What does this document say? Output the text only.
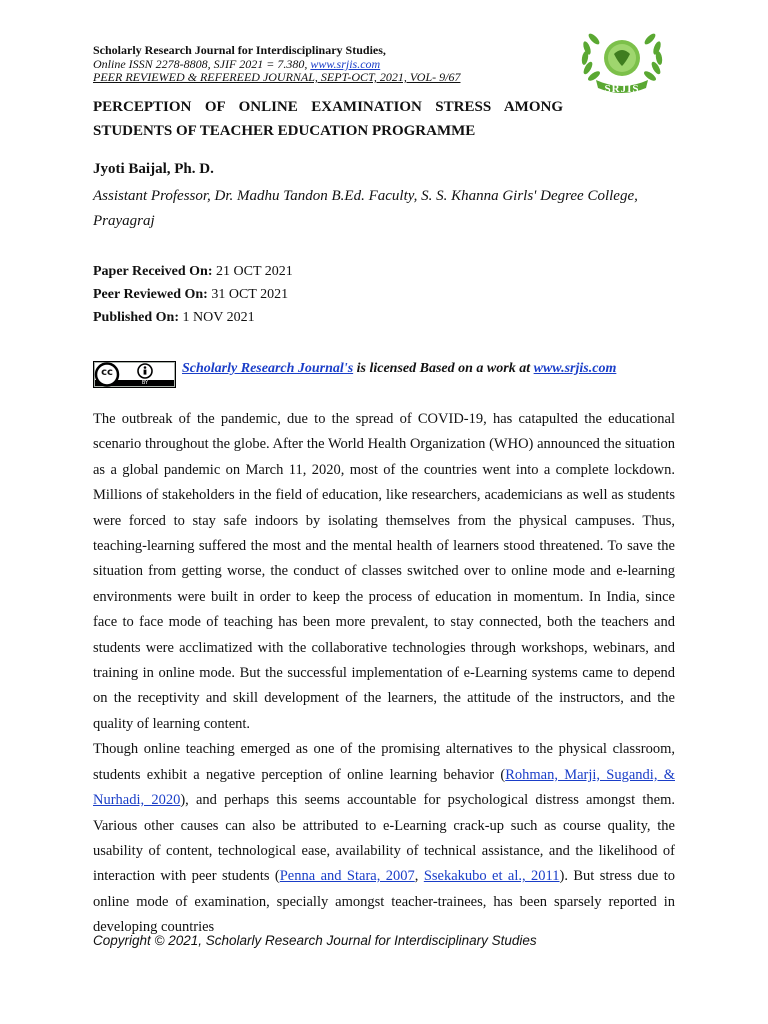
Scholarly Research Journal for Interdisciplinary Studies,
Online ISSN 2278-8808, SJIF 2021 = 7.380, www.srjis.com
PEER REVIEWED & REFEREED JOURNAL, SEPT-OCT, 2021, VOL- 9/67
SRJIS
PERCEPTION OF ONLINE EXAMINATION STRESS AMONG
STUDENTS OF TEACHER EDUCATION PROGRAMME
Jyoti Baijal, Ph. D.
Assistant Professor, Dr. Madhu Tandon B.Ed. Faculty, S. S. Khanna Girls' Degree College, Prayagraj
Paper Received On: 21 OCT 2021
Peer Reviewed On: 31 OCT 2021
Published On: 1 NOV 2021
cc
BY
Scholarly Research Journal's is licensed Based on a work at www.srjis.com

The outbreak of the pandemic, due to the spread of COVID-19, has catapulted the educational scenario throughout the globe. After the World Health Organization (WHO) announced the situation as a global pandemic on March 11, 2020, most of the countries went into a complete lockdown. Millions of stakeholders in the field of education, like researchers, academicians as well as students were forced to stay safe indoors by isolating themselves from the physical campuses. Thus, teaching-learning suffered the most and the mental health of learners stood threatened. To save the situation from getting worse, the conduct of classes switched over to online mode and e-learning environments were built in order to keep the process of education in momentum. In India, since face to face mode of teaching has been more prevalent, to stay connected, both the teachers and students were acclimatized with the collaborative technologies through workshops, webinars, and training in online mode. But the successful implementation of e-Learning systems came to depend on the receptivity and skill development of the learners, the attitude of the instructors, and the quality of learning content.

Though online teaching emerged as one of the promising alternatives to the physical classroom, students exhibit a negative perception of online learning behavior (Rohman, Marji, Sugandi, & Nurhadi, 2020), and perhaps this seems accountable for psychological distress amongst them. Various other causes can also be attributed to e-Learning crack-up such as course quality, the usability of content, technological ease, availability of technical assistance, and the likelihood of interaction with peer students (Penna and Stara, 2007, Ssekakubo et al., 2011). But stress due to online mode of examination, specially amongst teacher-trainees, has been sparsely reported in developing countries

Copyright © 2021, Scholarly Research Journal for Interdisciplinary Studies
